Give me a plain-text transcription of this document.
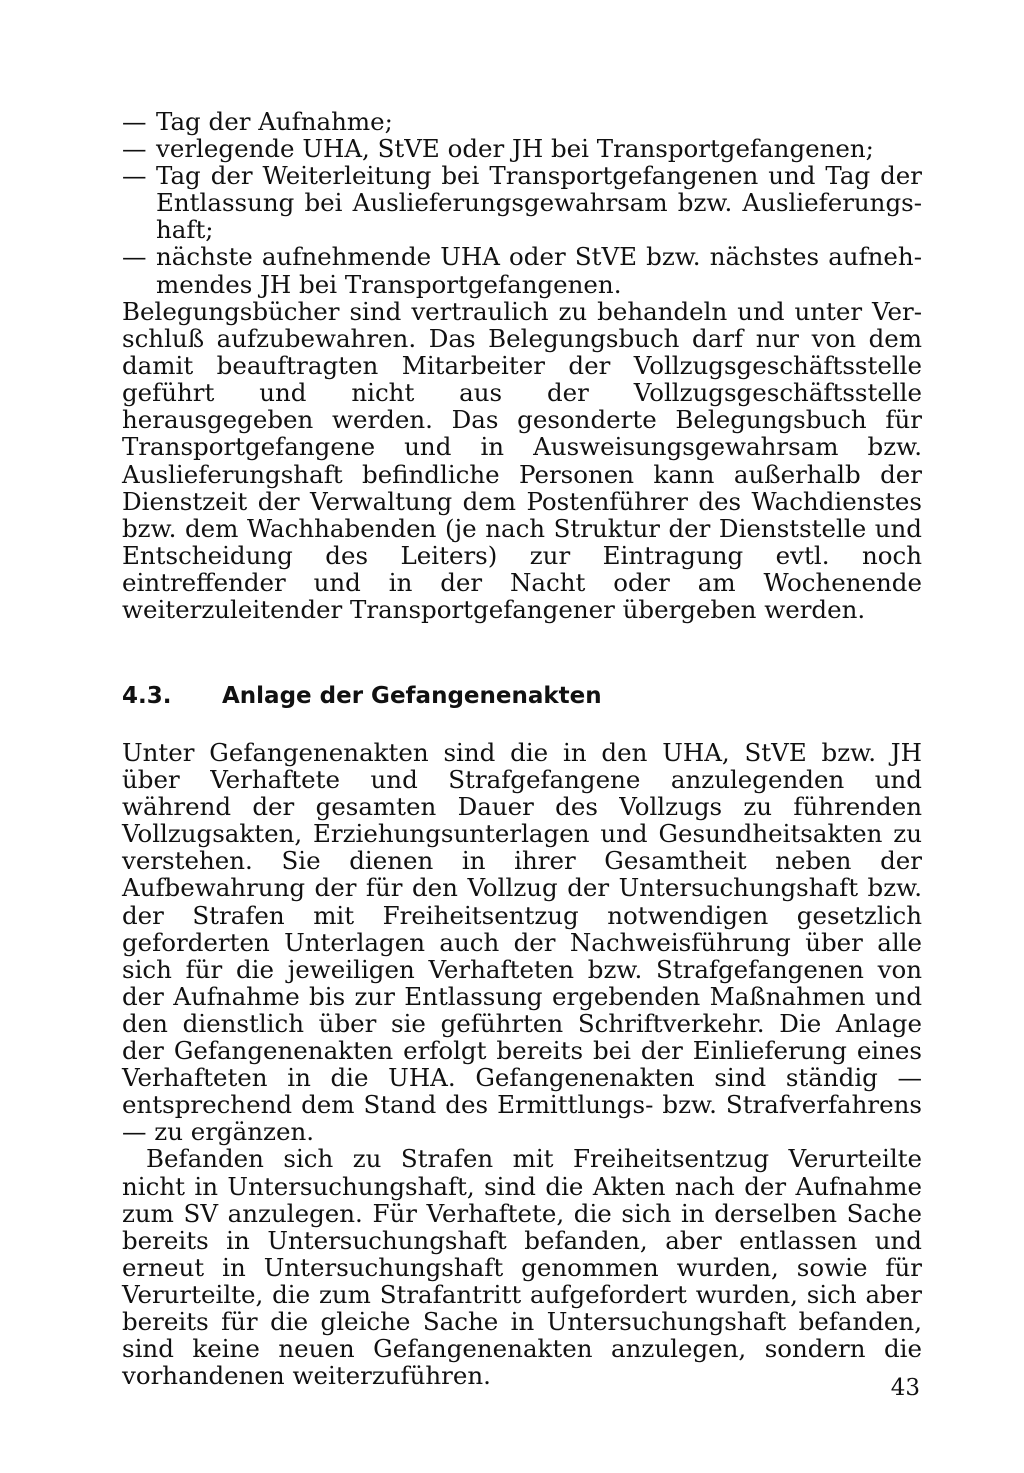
— Tag der Aufnahme;
— verlegende UHA, StVE oder JH bei Transportgefangenen;
— Tag der Weiterleitung bei Transportgefangenen und Tag der Entlassung bei Auslieferungsgewahrsam bzw. Auslieferungshaft;
— nächste aufnehmende UHA oder StVE bzw. nächstes aufnehmendes JH bei Transportgefangenen.

Belegungsbücher sind vertraulich zu behandeln und unter Verschluß aufzubewahren. Das Belegungsbuch darf nur von dem damit beauftragten Mitarbeiter der Vollzugsgeschäftsstelle geführt und nicht aus der Vollzugsgeschäftsstelle herausgegeben werden. Das gesonderte Belegungsbuch für Transportgefangene und in Ausweisungsgewahrsam bzw. Auslieferungshaft befindliche Personen kann außerhalb der Dienstzeit der Verwaltung dem Postenführer des Wachdienstes bzw. dem Wachhabenden (je nach Struktur der Dienststelle und Entscheidung des Leiters) zur Eintragung evtl. noch eintreffender und in der Nacht oder am Wochenende weiterzuleitender Transportgefangener übergeben werden.

4.3. Anlage der Gefangenenakten

Unter Gefangenenakten sind die in den UHA, StVE bzw. JH über Verhaftete und Strafgefangene anzulegenden und während der gesamten Dauer des Vollzugs zu führenden Vollzugsakten, Erziehungsunterlagen und Gesundheitsakten zu verstehen. Sie dienen in ihrer Gesamtheit neben der Aufbewahrung der für den Vollzug der Untersuchungshaft bzw. der Strafen mit Freiheitsentzug notwendigen gesetzlich geforderten Unterlagen auch der Nachweisführung über alle sich für die jeweiligen Verhafteten bzw. Strafgefangenen von der Aufnahme bis zur Entlassung ergebenden Maßnahmen und den dienstlich über sie geführten Schriftverkehr. Die Anlage der Gefangenenakten erfolgt bereits bei der Einlieferung eines Verhafteten in die UHA. Gefangenenakten sind ständig — entsprechend dem Stand des Ermittlungs- bzw. Strafverfahrens — zu ergänzen.

Befanden sich zu Strafen mit Freiheitsentzug Verurteilte nicht in Untersuchungshaft, sind die Akten nach der Aufnahme zum SV anzulegen. Für Verhaftete, die sich in derselben Sache bereits in Untersuchungshaft befanden, aber entlassen und erneut in Untersuchungshaft genommen wurden, sowie für Verurteilte, die zum Strafantritt aufgefordert wurden, sich aber bereits für die gleiche Sache in Untersuchungshaft befanden, sind keine neuen Gefangenenakten anzulegen, sondern die vorhandenen weiterzuführen.	43
